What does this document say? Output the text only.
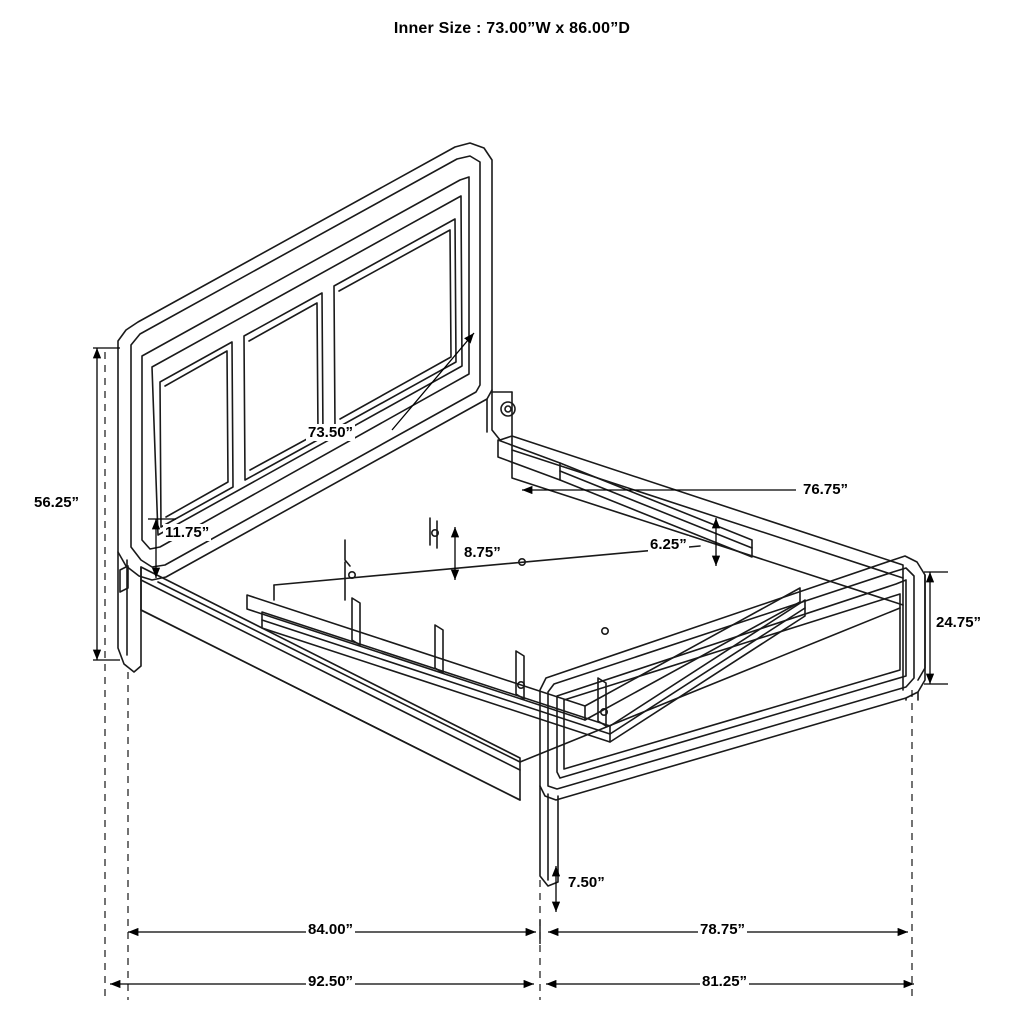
Inner Size : 73.00”W x 86.00”D
73.50”
56.25”
11.75”
8.75”
76.75”
6.25”
24.75”
7.50”
84.00”	78.75”
92.50”	81.25”
